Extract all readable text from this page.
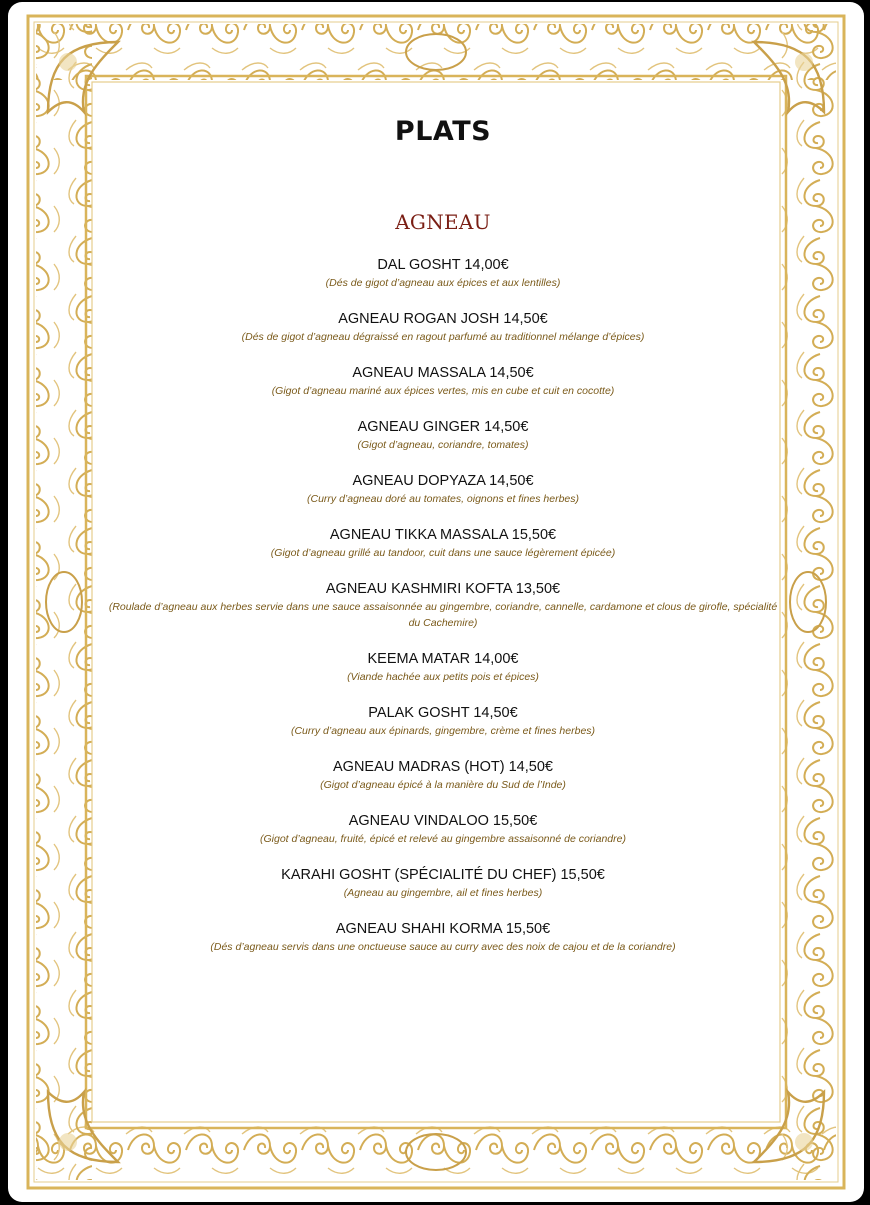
PLATS
AGNEAU
DAL GOSHT 14,00€
(Dés de gigot d’agneau aux épices et aux lentilles)
AGNEAU ROGAN JOSH 14,50€
(Dés de gigot d’agneau dégraissé en ragout parfumé au traditionnel mélange d’épices)
AGNEAU MASSALA 14,50€
(Gigot d’agneau mariné aux épices vertes, mis en cube et cuit en cocotte)
AGNEAU GINGER 14,50€
(Gigot d’agneau, coriandre, tomates)
AGNEAU DOPYAZA 14,50€
(Curry d’agneau doré au tomates, oignons et fines herbes)
AGNEAU TIKKA MASSALA 15,50€
(Gigot d’agneau grillé au tandoor, cuit dans une sauce légèrement épicée)
AGNEAU KASHMIRI KOFTA 13,50€
(Roulade d’agneau aux herbes servie dans une sauce assaisonnée au gingembre, coriandre, cannelle, cardamone et clous de girofle, spécialité du Cachemire)
KEEMA MATAR 14,00€
(Viande hachée aux petits pois et épices)
PALAK GOSHT 14,50€
(Curry d’agneau aux épinards, gingembre, crème et fines herbes)
AGNEAU MADRAS (HOT) 14,50€
(Gigot d’agneau épicé à la manière du Sud de l’Inde)
AGNEAU VINDALOO 15,50€
(Gigot d’agneau, fruité, épicé et relevé au gingembre assaisonné de coriandre)
KARAHI GOSHT (SPÉCIALITÉ DU CHEF) 15,50€
(Agneau au gingembre, ail et fines herbes)
AGNEAU SHAHI KORMA 15,50€
(Dés d’agneau servis dans une onctueuse sauce au curry avec des noix de cajou et de la coriandre)
